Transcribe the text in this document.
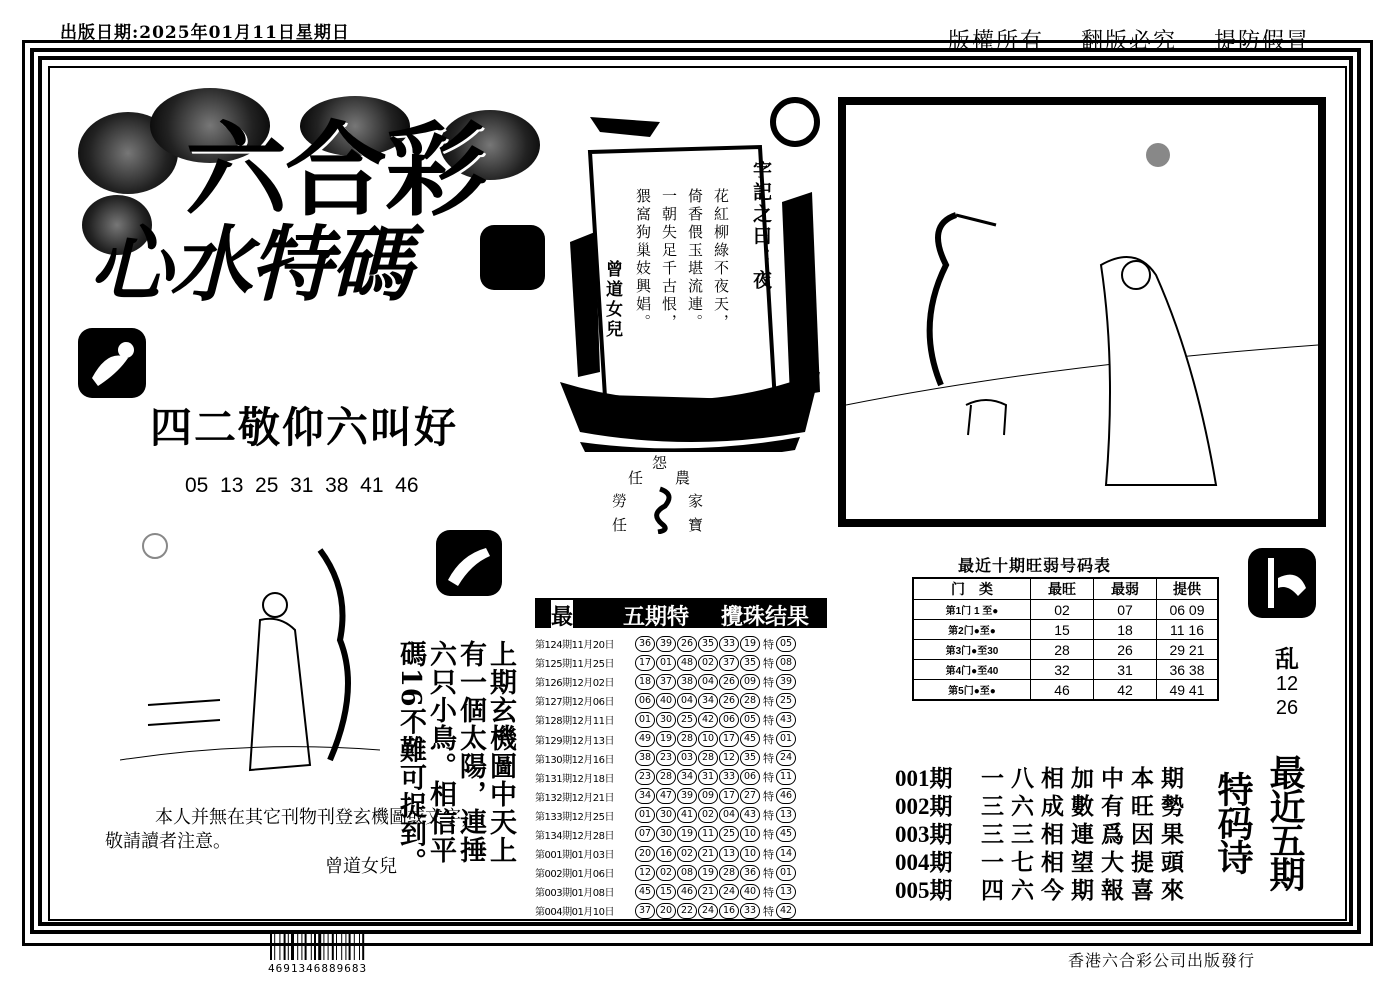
出版日期:2025年01月11日星期日	版權所有 翻版必究 提防假冒
六合彩
心水特碼
四二敬仰六叫好
05  13  25  31  38  41  46
字記之曰：夜
花紅柳綠不夜天，
倚香偎玉堪流連。
一朝失足千古恨，
猥窩狗巢妓興娼。
曾道女兒
怨
任 農
勞	家
任	寶
上期玄機圖中天上有一個太陽，連捶六只小鳥。相信平碼16不難可捉到。
本人并無在其它刊物刊登玄機圖或文字，
敬請讀者注意。
曾道女兒
最 五期特 攪珠结果
第124期11月20日	36 39 26 35 33 19 特 05
第125期11月25日	17 01 48 02 37 35 特 08
第126期12月02日	18 37 38 04 26 09 特 39
第127期12月06日	06 40 04 34 26 28 特 25
第128期12月11日	01 30 25 42 06 05 特 43
第129期12月13日	49 19 28 10 17 45 特 01
第130期12月16日	38 23 03 28 12 35 特 24
第131期12月18日	23 28 34 31 33 06 特 11
第132期12月21日	34 47 39 09 17 27 特 46
第133期12月25日	01 30 41 02 04 43 特 13
第134期12月28日	07 30 19 11 25 10 特 45
第001期01月03日	20 16 02 21 13 10 特 14
第002期01月06日	12 02 08 19 28 36 特 01
第003期01月08日	45 15 46 21 24 40 特 13
第004期01月10日	37 20 22 24 16 33 特 42
最近十期旺弱号码表
门　类	最旺	最弱	提供
第1门 1 至●	02	07	06 09
第2门●至●	15	18	11 16
第3门●至30	28	26	29 21
第4门●至40	32	31	36 38
第5门●至●	46	42	49 41
乱
12
26
001期 一八相加中本期
002期 三六成數有旺勢
003期 三三相連爲因果
004期 一七相望大提頭
005期 四六今期報喜來
最近五期特码诗
4691346889683	香港六合彩公司出版發行
